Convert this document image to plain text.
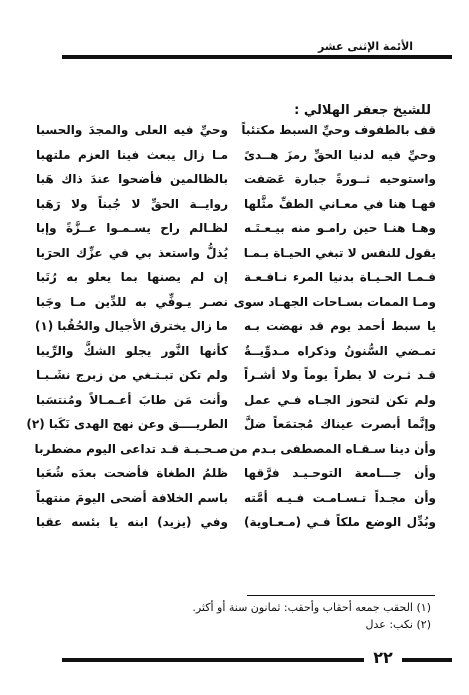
الأئمة الإثنى عشر
للشيخ جعفر الهلالي :
قف بالطفوف وحيِّ السبط مكتئباً
وحيِّ فيه العلى والمجدَ والحسبا
وحيِّ فيه لدنيا الحقِّ رمزَ هــدىً
مـا زال يبعث فينا العزم ملتهبا
واستوحيه ثــورةً جبارة عَصَفت
بالظالمين فأضحوا عندَ ذاك هَبا
فهـا هنا في معـاني الطفِّ مثَّلها
روايــة الحقِّ لا جُبناً ولا رَهَبا
وهـا هنـا حين رامـو منه بيـعـتَـه
لظـالم راح يسـمـوا عــزَّةً وإبا
يقول للنفس لا تبغي الحيـاة بـمـا
يُذلُّ واستعذ بي في عزِّك الحرَبا
فـمـا الحـيـاة بدنيا المرء نـافـعـة
إن لم يصنها بما يعلو به رُتَبا
ومـا الممات بسـاحات الجهـاد سوى
نصـر يـوفِّي به للدِّين مـا وجَبا
يا سبط أحمد يوم قد نهضت بـه
ما زال يخترق الأجيال والحُقُبا (١)
تمـضي السُّنونُ وذكراه مـدوِّيــةٌ
كأنها النَّور يجلو الشكَّ والرِّيبا
قـد ثـرت لا بطراً يوماً ولا أشـراً
ولم تكن تبـتـغي من زبرج نشَـبـا
ولم تكن لتحوز الجـاه فـي عمل
وأنت مَن طابَ أعـمـالاً ومُنتسَبا
وإنَّما أبصرت عيناك مُجتمَعاً ضلَّ
الطريــــق وعن نهج الهدى نَكَبا (٢)
وأن دينا سـقـاه المصطفى بـدم من
صـحـبـة قـد تداعى اليوم مضطربا
وأن جـــامعة التوحـيـد فرَّقها
ظلمُ الطغاة فأضحت بعدَه شُعَبا
وأن مجـداً تـسـامـت فـيـه أمَّته
باسم الخلافة أضحى اليومَ منتهباً
وبُدِّل الوضع ملكاً فـي (مـعـاوية)
وفي (يزيد) ابنه يا بئسه عقبا
(١) الحقب جمعه أحقاب وأحقب: ثمانون سنة أو أكثر.
(٢) نكب: عدل
٢٢
